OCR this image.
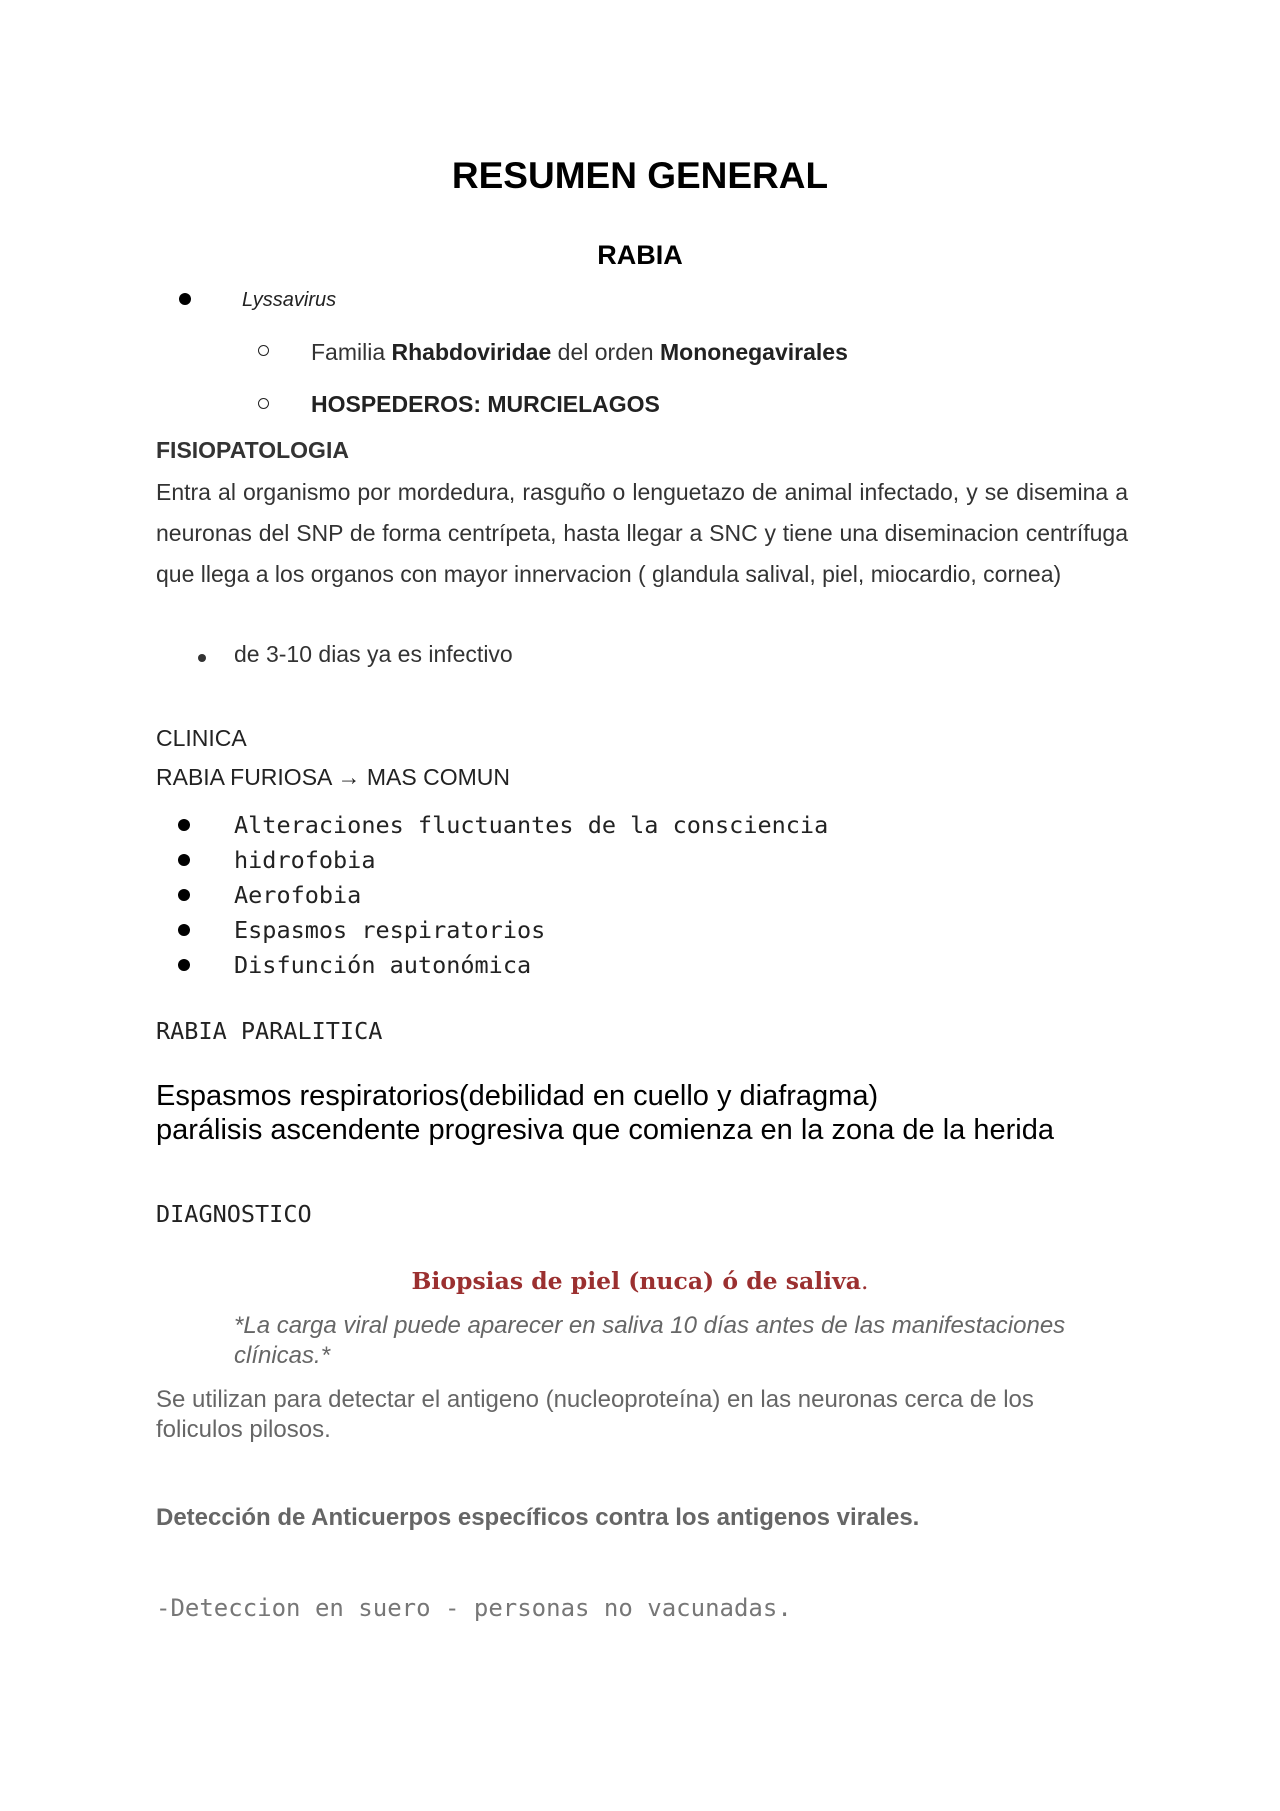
RESUMEN GENERAL
RABIA
Lyssavirus
Familia Rhabdoviridae del orden Mononegavirales
HOSPEDEROS: MURCIELAGOS
FISIOPATOLOGIA
Entra al organismo por mordedura, rasguño o lenguetazo de animal infectado, y se disemina a neuronas del SNP de forma centrípeta, hasta llegar a SNC y tiene una diseminacion centrífuga que llega a los organos con mayor innervacion ( glandula salival, piel, miocardio, cornea)
de 3-10 dias ya es infectivo
CLINICA
RABIA FURIOSA → MAS COMUN
Alteraciones fluctuantes de la consciencia
hidrofobia
Aerofobia
Espasmos respiratorios
Disfunción autonómica
RABIA PARALITICA
Espasmos respiratorios(debilidad en cuello y diafragma)
parálisis ascendente progresiva que comienza en la zona de la herida
DIAGNOSTICO
Biopsias de piel (nuca) ó de saliva.
*La carga viral puede aparecer en saliva 10 días antes de las manifestaciones clínicas.*
Se utilizan para detectar el antigeno (nucleoproteína) en las neuronas cerca de los foliculos pilosos.
Detección de Anticuerpos específicos contra los antigenos virales.
-Deteccion en suero - personas no vacunadas.
